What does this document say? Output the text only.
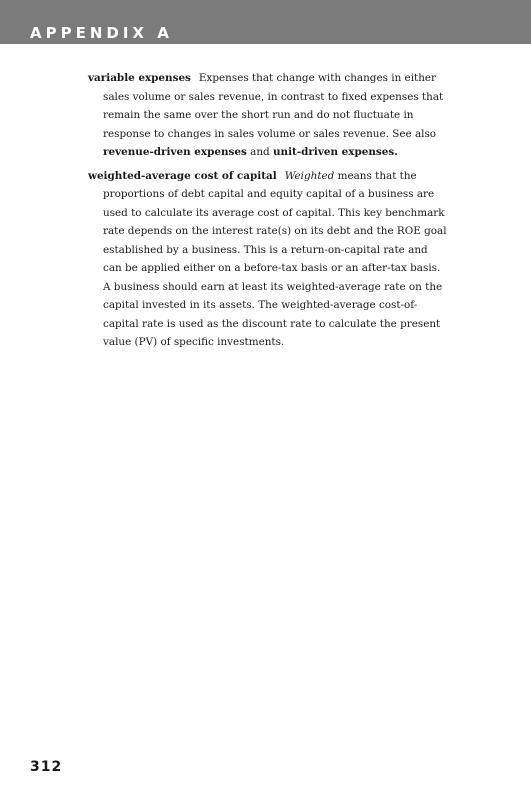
APPENDIX A

variable expenses Expenses that change with changes in either sales volume or sales revenue, in contrast to fixed expenses that remain the same over the short run and do not fluctuate in response to changes in sales volume or sales revenue. See also revenue-driven expenses and unit-driven expenses.

weighted-average cost of capital Weighted means that the proportions of debt capital and equity capital of a business are used to calculate its average cost of capital. This key benchmark rate depends on the interest rate(s) on its debt and the ROE goal established by a business. This is a return-on-capital rate and can be applied either on a before-tax basis or an after-tax basis. A business should earn at least its weighted-average rate on the capital invested in its assets. The weighted-average cost-of-capital rate is used as the discount rate to calculate the present value (PV) of specific investments.

312
